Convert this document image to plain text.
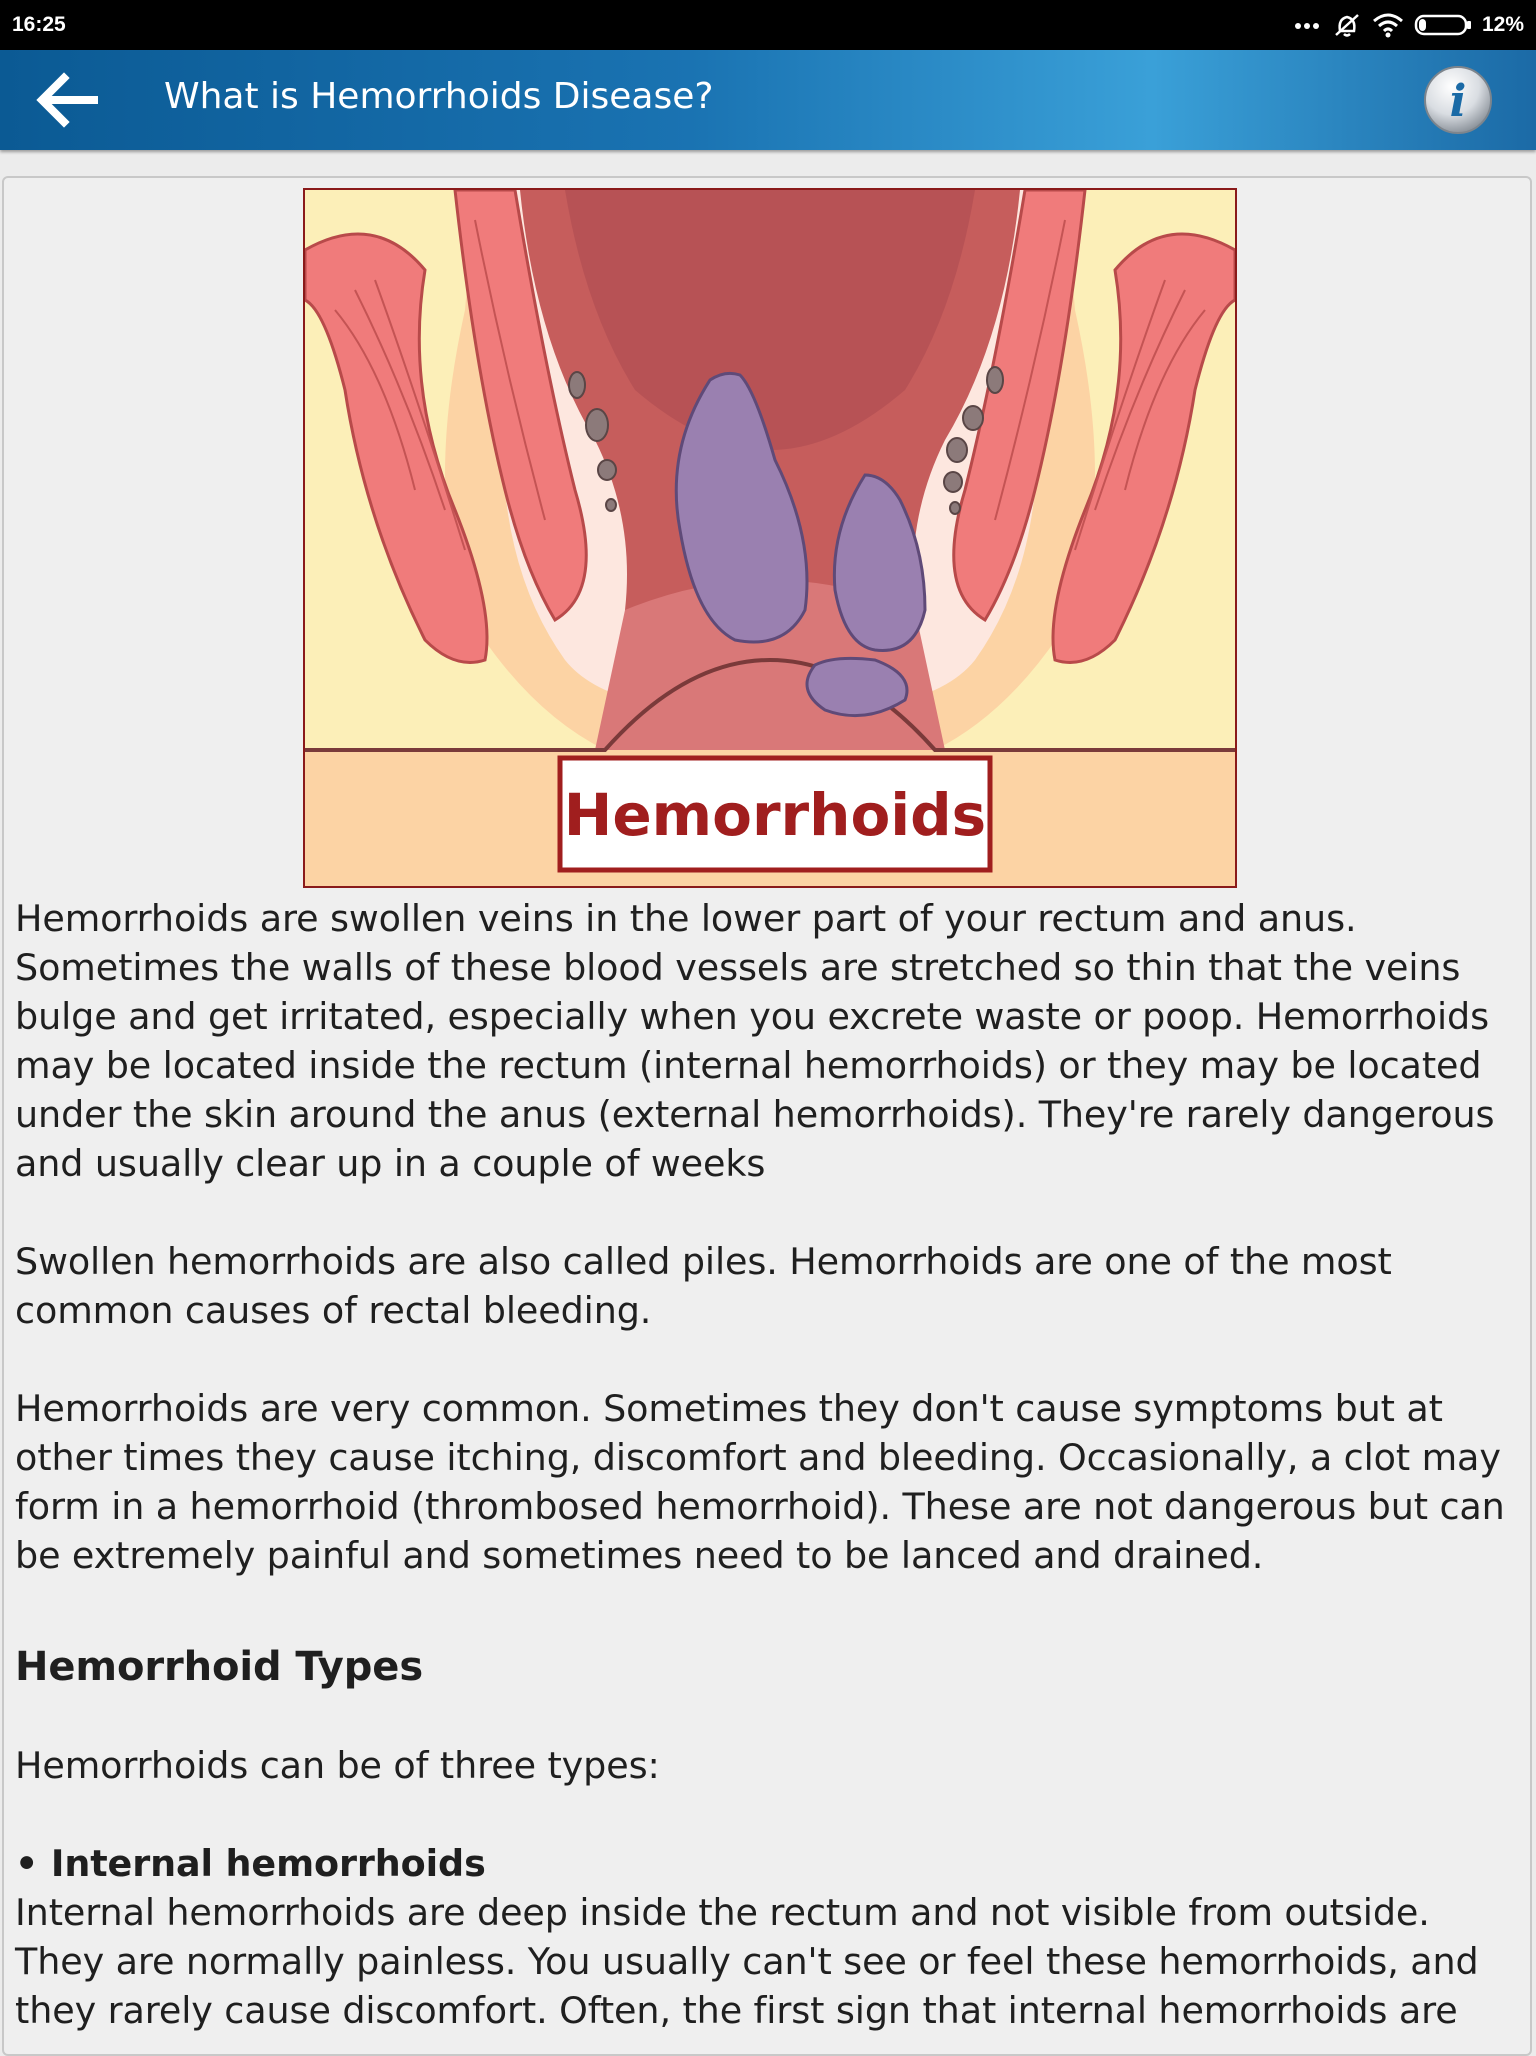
16:25	12%
What is Hemorrhoids Disease?	i
Hemorrhoids

Hemorrhoids are swollen veins in the lower part of your rectum and anus. Sometimes the walls of these blood vessels are stretched so thin that the veins bulge and get irritated, especially when you excrete waste or poop. Hemorrhoids may be located inside the rectum (internal hemorrhoids) or they may be located under the skin around the anus (external hemorrhoids). They're rarely dangerous and usually clear up in a couple of weeks

Swollen hemorrhoids are also called piles. Hemorrhoids are one of the most common causes of rectal bleeding.

Hemorrhoids are very common. Sometimes they don't cause symptoms but at other times they cause itching, discomfort and bleeding. Occasionally, a clot may form in a hemorrhoid (thrombosed hemorrhoid). These are not dangerous but can be extremely painful and sometimes need to be lanced and drained.

Hemorrhoid Types

Hemorrhoids can be of three types:

• Internal hemorrhoids

Internal hemorrhoids are deep inside the rectum and not visible from outside. They are normally painless. You usually can't see or feel these hemorrhoids, and they rarely cause discomfort. Often, the first sign that internal hemorrhoids are
